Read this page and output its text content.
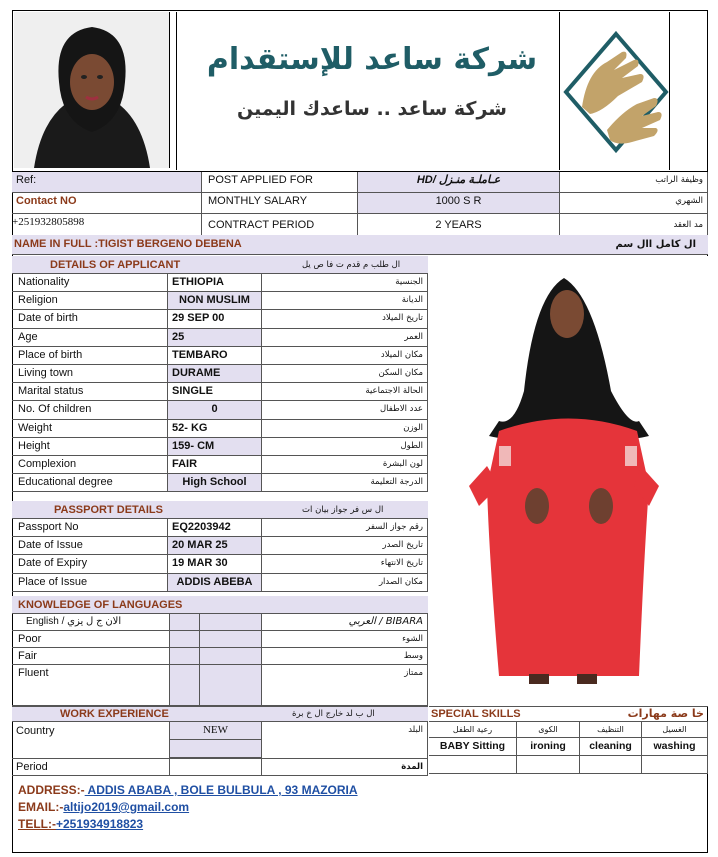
شركة ساعد للإستقدام
شركة ساعد .. ساعدك اليمين
Ref:	POST APPLIED FOR	HD/ عـاملـة منـزل	وظيفة الراتب
Contact NO	MONTHLY SALARY	1000 S R	الشهري
+251932805898	CONTRACT PERIOD	2 YEARS	مد العقد
NAME IN FULL :TIGIST BERGENO DEBENA	ال كامل اال سم
DETAILS OF APPLICANT	ال طلب م قدم ت فا ص يل
Nationality	ETHIOPIA	الجنسية
Religion	NON MUSLIM	الديانة
Date of birth	29 SEP 00	تاريخ الميلاد
Age	25	العمر
Place of birth	TEMBARO	مكان الميلاد
Living town	DURAME	مكان السكن
Marital status	SINGLE	الحالة الاجتماعية
No. Of children	0	عدد الاطفال
Weight	52- KG	الوزن
Height	159- CM	الطول
Complexion	FAIR	لون البشرة
Educational degree	High School	الدرجة التعليمة
PASSPORT DETAILS	ال س فر جواز بيان ات
Passport No	EQ2203942	رقم جواز السفر
Date of Issue	20 MAR 25	تاريخ الصدر
Date of Expiry	19 MAR 30	تاريخ الانتهاء
Place of Issue	ADDIS ABEBA	مكان الصدار
KNOWLEDGE OF LANGUAGES
English / الان ج ل يزي	BIBARA / العربي
Poor	الشوء
Fair	وسط
Fluent	ممتاز
WORK EXPERIENCE	ال ب لد خارج ال خ برة
Country	NEW	البلد
Period	المدة
SPECIAL SKILLS	خا صة مهارات
رعية الطفل	الكوى	التنظيف	الغسيل
BABY Sitting	ironing	cleaning	washing
ADDRESS:- ADDIS ABABA , BOLE BULBULA , 93 MAZORIA
EMAIL:-altijo2019@gmail.com
TELL:-+251934918823
